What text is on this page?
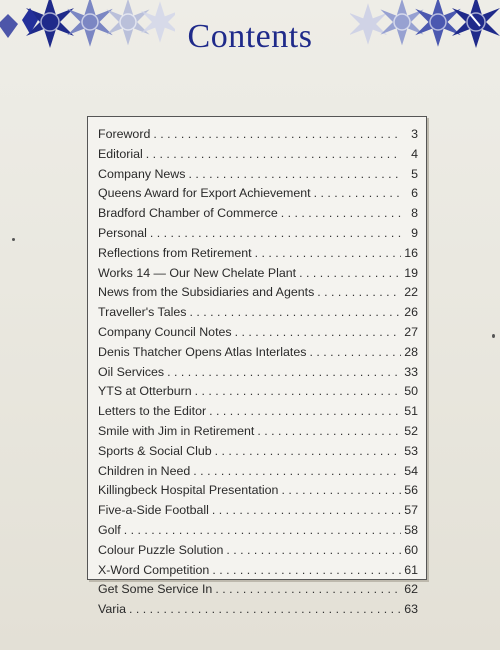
Contents
Foreword . . .	3
Editorial . . .	4
Company News . . .	5
Queens Award for Export Achievement . . .	6
Bradford Chamber of Commerce . . .	8
Personal . . .	9
Reflections from Retirement . . .	16
Works 14 — Our New Chelate Plant . . .	19
News from the Subsidiaries and Agents . . .	22
Traveller's Tales . . .	26
Company Council Notes . . .	27
Denis Thatcher Opens Atlas Interlates . . .	28
Oil Services . . .	33
YTS at Otterburn . . .	50
Letters to the Editor . . .	51
Smile with Jim in Retirement . . .	52
Sports & Social Club . . .	53
Children in Need . . .	54
Killingbeck Hospital Presentation . . .	56
Five-a-Side Football . . .	57
Golf . . .	58
Colour Puzzle Solution . . .	60
X-Word Competition . . .	61
Get Some Service In . . .	62
Varia . . .	63
